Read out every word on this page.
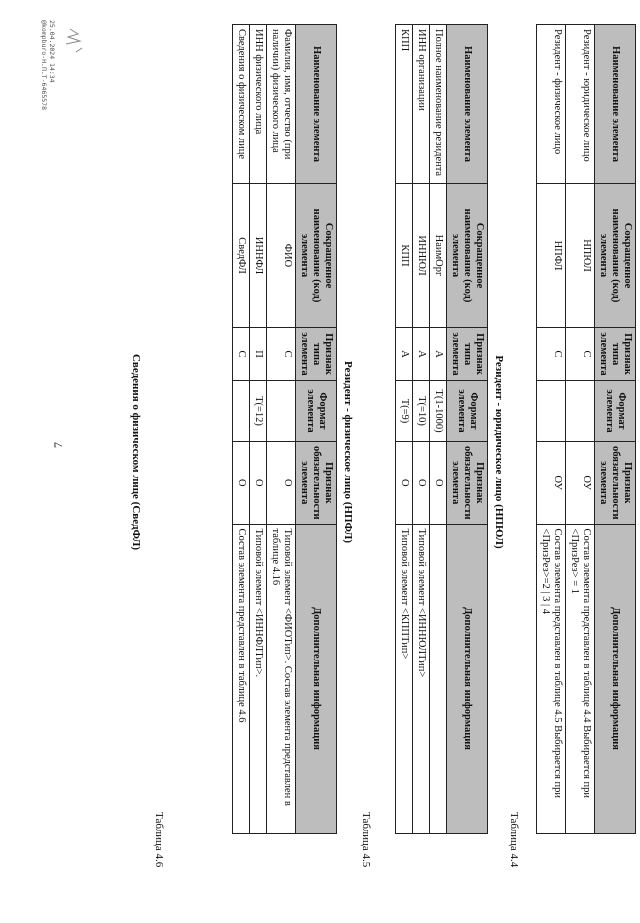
Наименование элемента	Сокращенное наименование (код) элемента	Признак типа элемента	Формат элемента	Признак обязательности элемента	Дополнительная информация
Резидент - юридическое лицо	НПЮЛ	С		ОУ	Состав элемента представлен в таблице 4.4 Выбирается при <ПризРез> = 1
Резидент - физическое лицо	НПФЛ	С		ОУ	Состав элемента представлен в таблице 4.5 Выбирается при <ПризРез>=2 | 3 | 4
Таблица 4.4
Резидент - юридическое лицо (НПЮЛ)
Наименование элемента	Сокращенное наименование (код) элемента	Признак типа элемента	Формат элемента	Признак обязательности элемента	Дополнительная информация
Полное наименование резидента	НаимОрг	А	T(1-1000)	О	
ИНН организации	ИННЮЛ	А	T(=10)	О	Типовой элемент <ИННЮЛТип>
КПП	КПП	А	T(=9)	О	Типовой элемент <КППТип>
Таблица 4.5
Резидент - физическое лицо (НПФЛ)
Наименование элемента	Сокращенное наименование (код) элемента	Признак типа элемента	Формат элемента	Признак обязательности элемента	Дополнительная информация
Фамилия, имя, отчество (при наличии) физического лица	ФИО	С		О	Типовой элемент <ФИОТип>. Состав элемента представлен в таблице 4.16
ИНН физического лица	ИННФЛ	П	T(=12)	О	Типовой элемент <ИННФЛТип>.
Сведения о физическом лице	СведФЛ	С		О	Состав элемента представлен в таблице 4.6
Таблица 4.6
Сведения о физическом лице (СведФЛ)
7
25.04.2024 14:34
@kompburo-Н.П.Т-6465578
